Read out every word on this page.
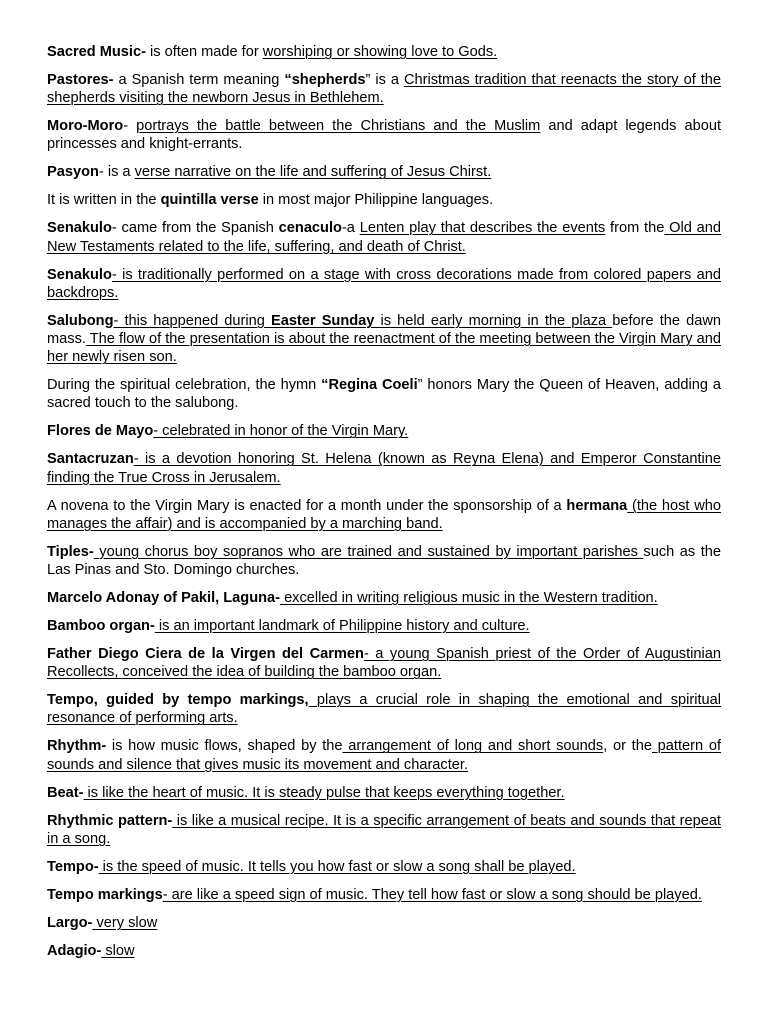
Sacred Music- is often made for worshiping or showing love to Gods.

Pastores- a Spanish term meaning “shepherds” is a Christmas tradition that reenacts the story of the shepherds visiting the newborn Jesus in Bethlehem.

Moro-Moro- portrays the battle between the Christians and the Muslim and adapt legends about princesses and knight-errants.

Pasyon- is a verse narrative on the life and suffering of Jesus Chirst.

It is written in the quintilla verse in most major Philippine languages.

Senakulo- came from the Spanish cenaculo-a Lenten play that describes the events from the Old and New Testaments related to the life, suffering, and death of Christ.

Senakulo- is traditionally performed on a stage with cross decorations made from colored papers and backdrops.

Salubong- this happened during Easter Sunday is held early morning in the plaza before the dawn mass. The flow of the presentation is about the reenactment of the meeting between the Virgin Mary and her newly risen son.

During the spiritual celebration, the hymn “Regina Coeli” honors Mary the Queen of Heaven, adding a sacred touch to the salubong.

Flores de Mayo- celebrated in honor of the Virgin Mary.

Santacruzan- is a devotion honoring St. Helena (known as Reyna Elena) and Emperor Constantine finding the True Cross in Jerusalem.

A novena to the Virgin Mary is enacted for a month under the sponsorship of a hermana (the host who manages the affair) and is accompanied by a marching band.

Tiples- young chorus boy sopranos who are trained and sustained by important parishes such as the Las Pinas and Sto. Domingo churches.

Marcelo Adonay of Pakil, Laguna- excelled in writing religious music in the Western tradition.

Bamboo organ- is an important landmark of Philippine history and culture.

Father Diego Ciera de la Virgen del Carmen- a young Spanish priest of the Order of Augustinian Recollects, conceived the idea of building the bamboo organ.

Tempo, guided by tempo markings, plays a crucial role in shaping the emotional and spiritual resonance of performing arts.

Rhythm- is how music flows, shaped by the arrangement of long and short sounds, or the pattern of sounds and silence that gives music its movement and character.

Beat- is like the heart of music. It is steady pulse that keeps everything together.

Rhythmic pattern- is like a musical recipe. It is a specific arrangement of beats and sounds that repeat in a song.

Tempo- is the speed of music. It tells you how fast or slow a song shall be played.

Tempo markings- are like a speed sign of music. They tell how fast or slow a song should be played.

Largo- very slow

Adagio- slow
